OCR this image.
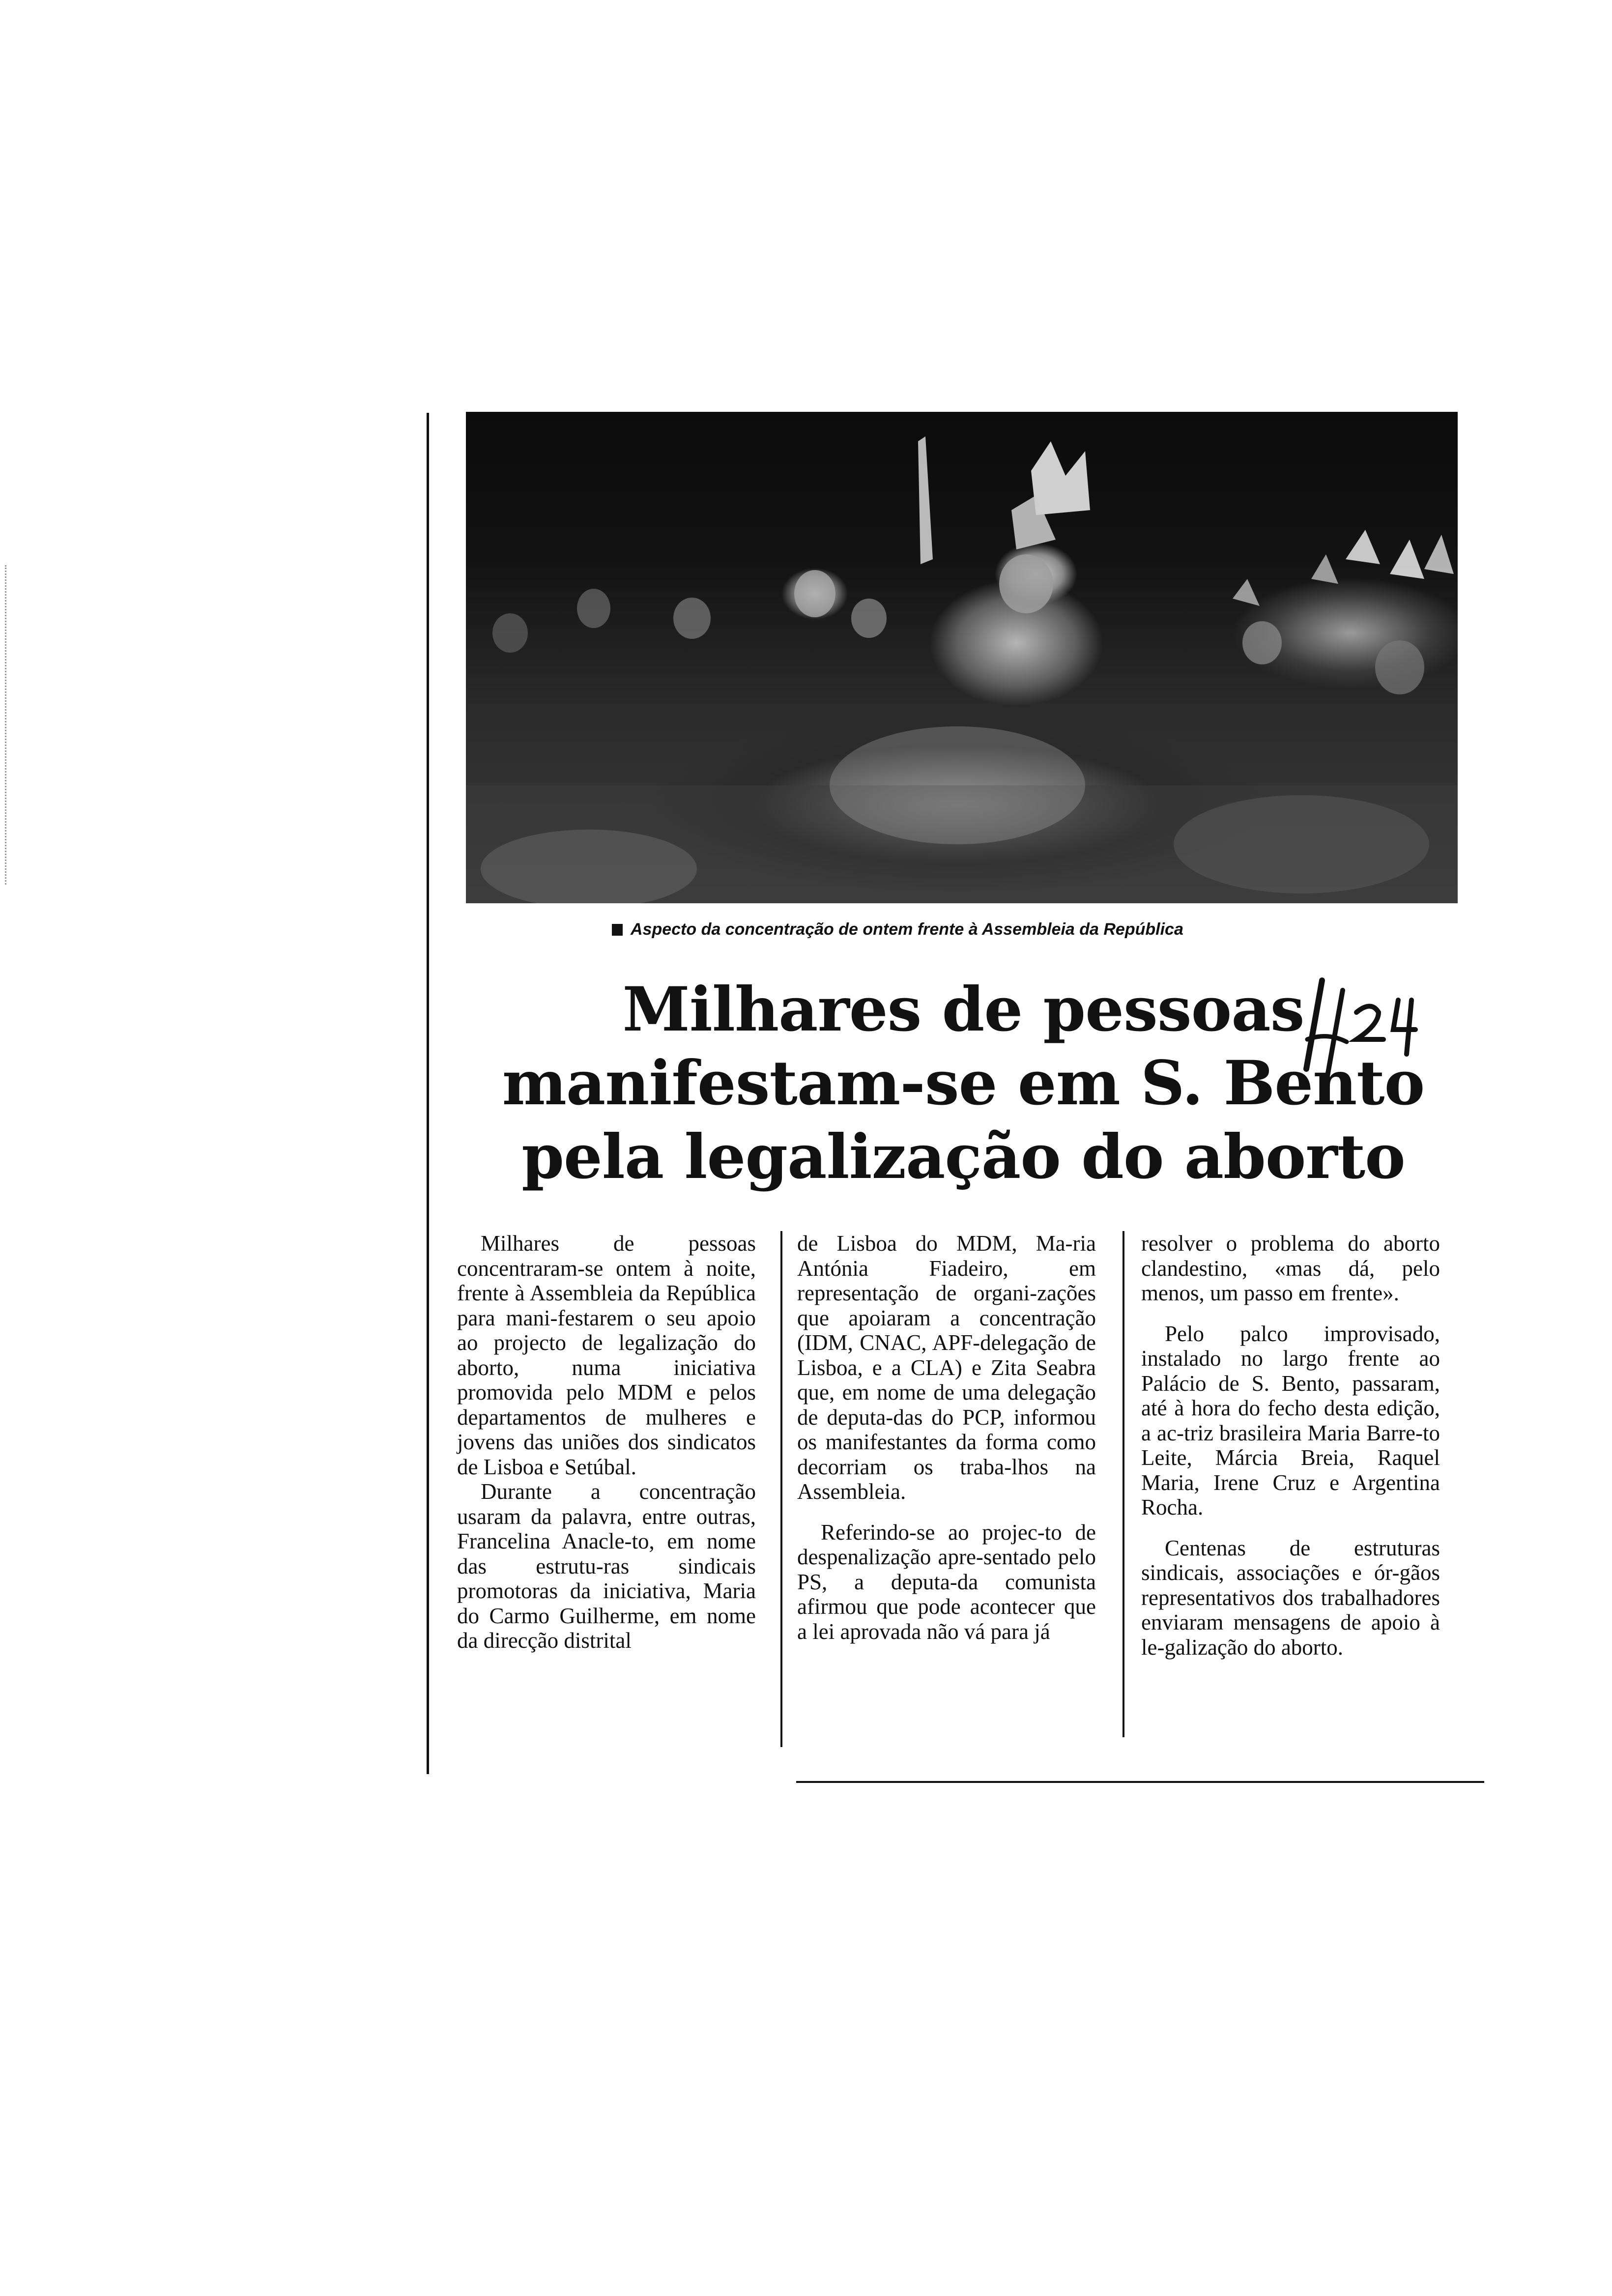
Aspecto da concentração de ontem frente à Assembleia da República
Milhares de pessoas
manifestam-se em S. Bento
pela legalização do aborto

Milhares de pessoas concentraram-se ontem à noite, frente à Assembleia da República para mani-festarem o seu apoio ao projecto de legalização do aborto, numa iniciativa promovida pelo MDM e pelos departamentos de mulheres e jovens das uniões dos sindicatos de Lisboa e Setúbal.

Durante a concentração usaram da palavra, entre outras, Francelina Anacle-to, em nome das estrutu-ras sindicais promotoras da iniciativa, Maria do Carmo Guilherme, em nome da direcção distrital

de Lisboa do MDM, Ma-ria Antónia Fiadeiro, em representação de organi-zações que apoiaram a concentração (IDM, CNAC, APF-delegação de Lisboa, e a CLA) e Zita Seabra que, em nome de uma delegação de deputa-das do PCP, informou os manifestantes da forma como decorriam os traba-lhos na Assembleia.

Referindo-se ao projec-to de despenalização apre-sentado pelo PS, a deputa-da comunista afirmou que pode acontecer que a lei aprovada não vá para já

resolver o problema do aborto clandestino, «mas dá, pelo menos, um passo em frente».

Pelo palco improvisado, instalado no largo frente ao Palácio de S. Bento, passaram, até à hora do fecho desta edição, a ac-triz brasileira Maria Barre-to Leite, Márcia Breia, Raquel Maria, Irene Cruz e Argentina Rocha.

Centenas de estruturas sindicais, associações e ór-gãos representativos dos trabalhadores enviaram mensagens de apoio à le-galização do aborto.
